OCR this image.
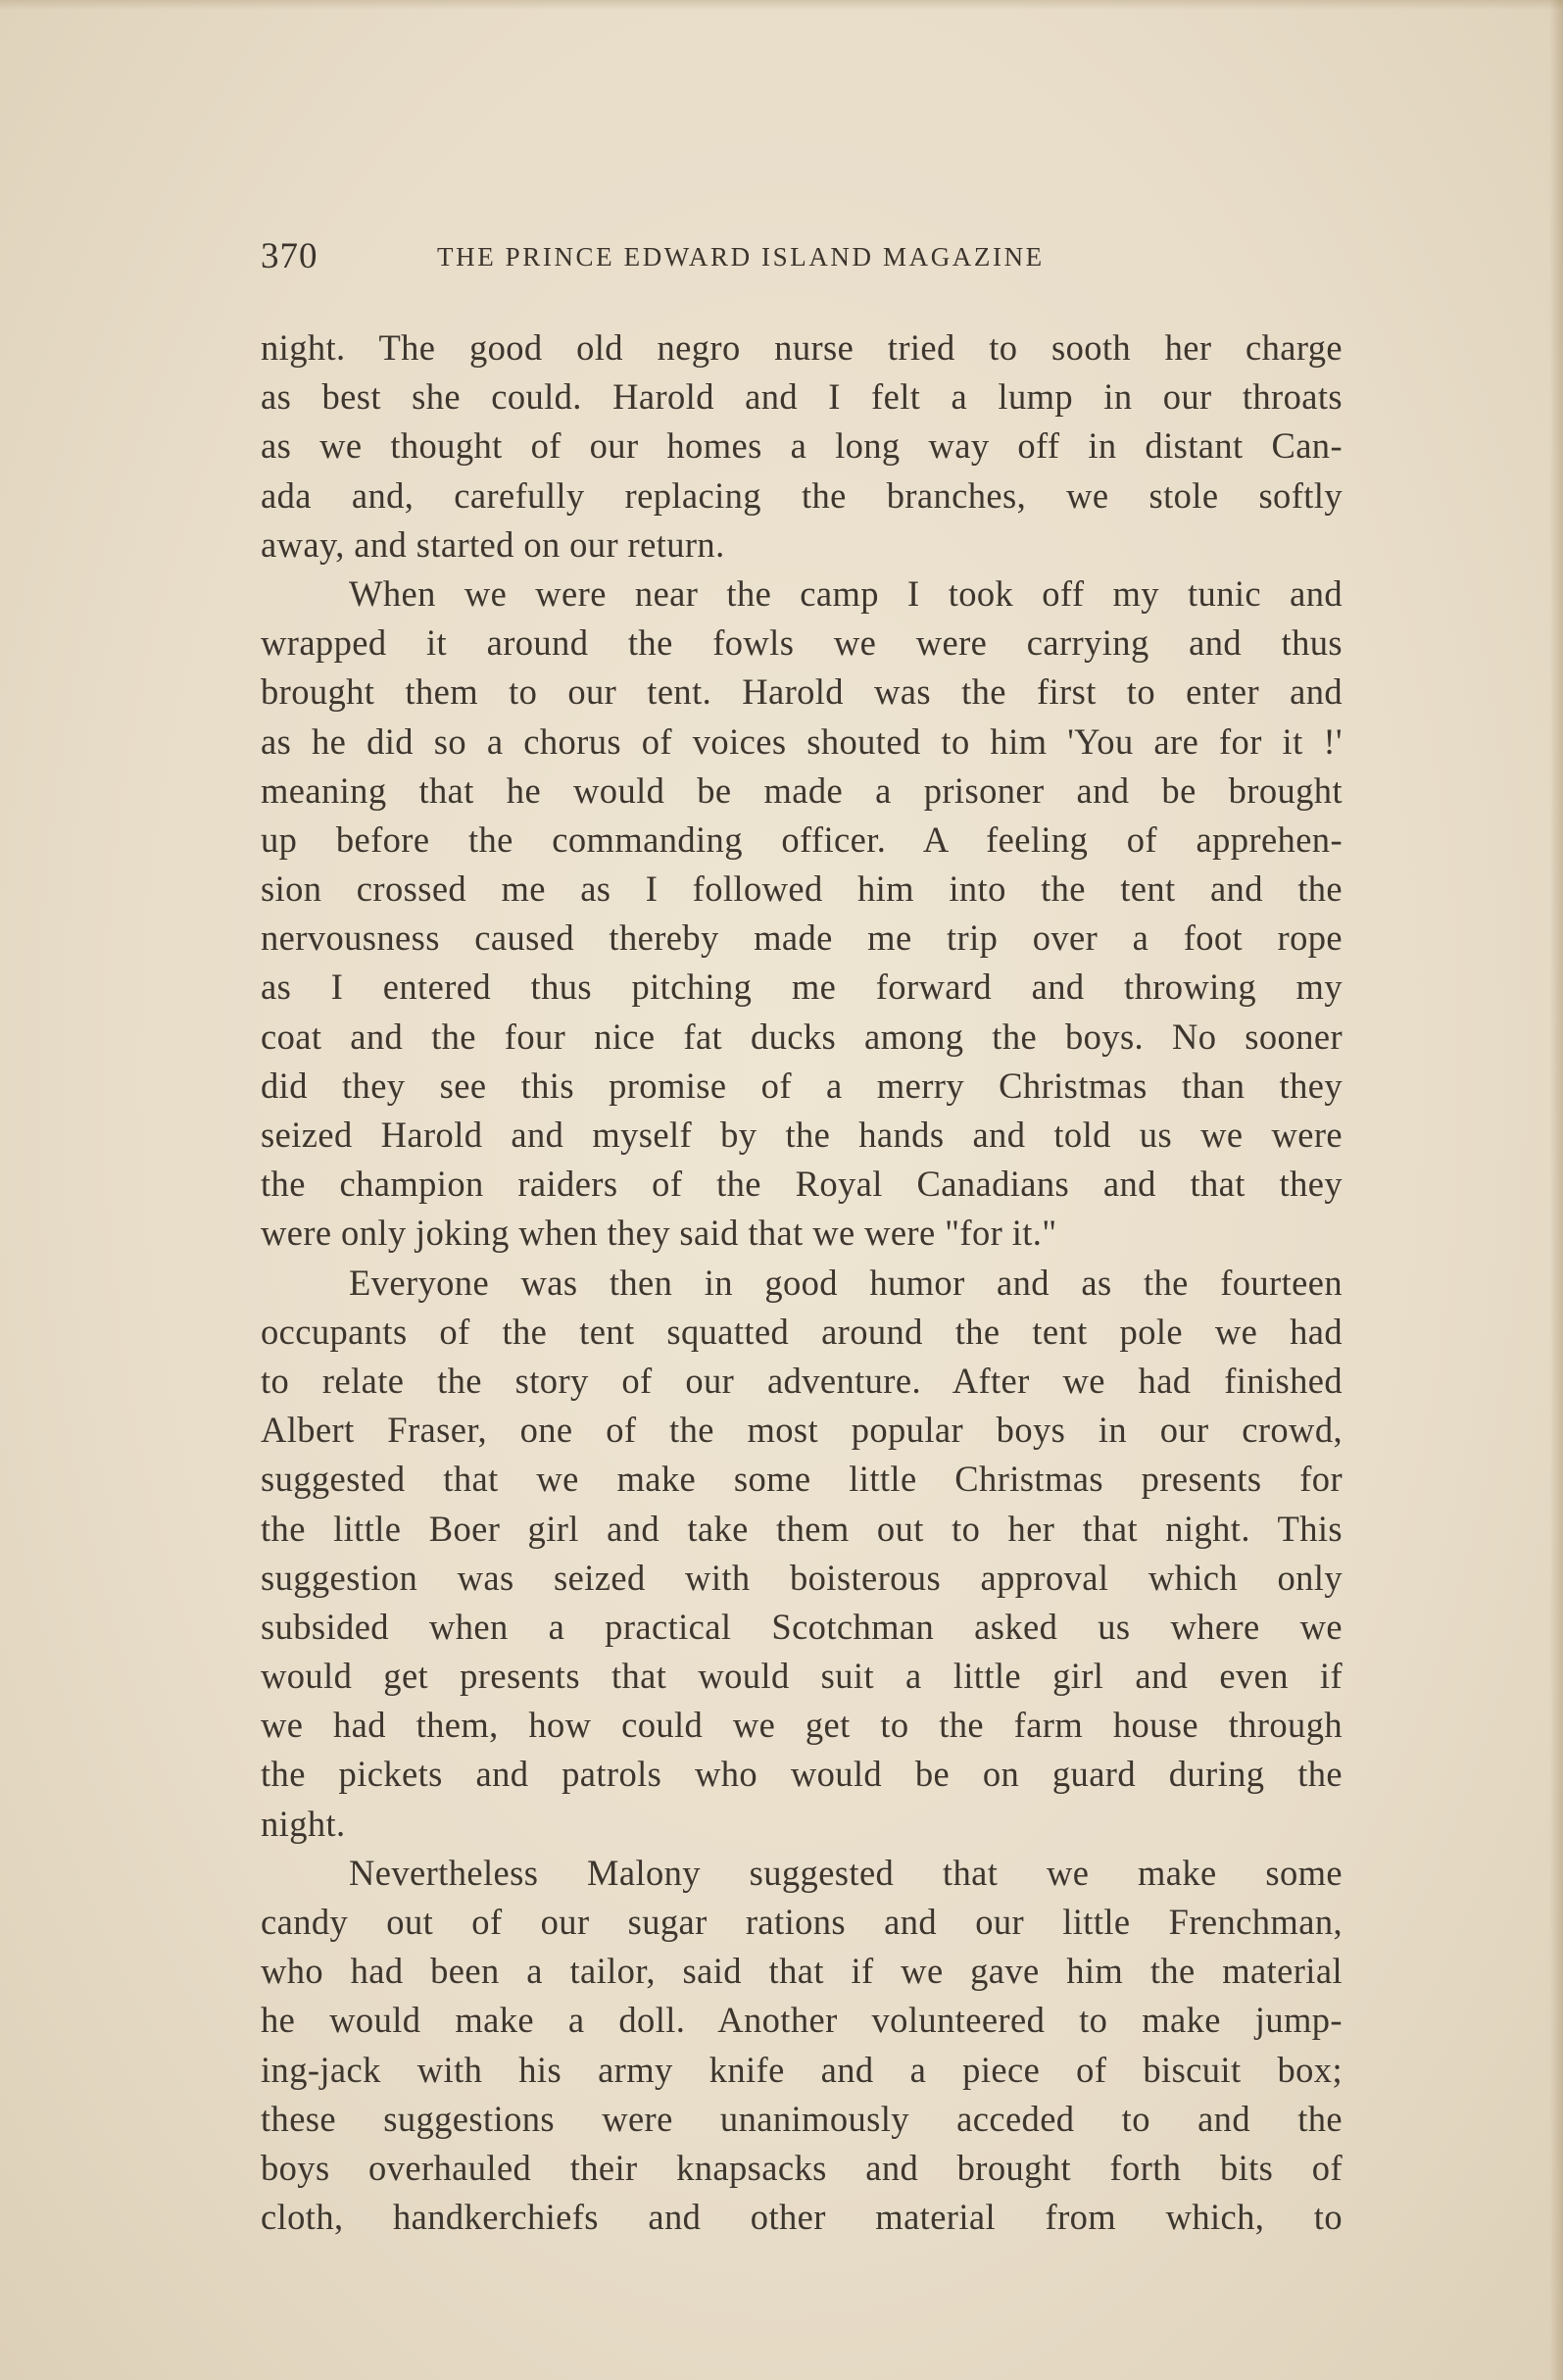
370	THE PRINCE EDWARD ISLAND MAGAZINE
night. The good old negro nurse tried to sooth her charge
as best she could. Harold and I felt a lump in our throats
as we thought of our homes a long way off in distant Can-
ada and, carefully replacing the branches, we stole softly
away, and started on our return.
When we were near the camp I took off my tunic and
wrapped it around the fowls we were carrying and thus
brought them to our tent. Harold was the first to enter and
as he did so a chorus of voices shouted to him 'You are for it !'
meaning that he would be made a prisoner and be brought
up before the commanding officer. A feeling of apprehen-
sion crossed me as I followed him into the tent and the
nervousness caused thereby made me trip over a foot rope
as I entered thus pitching me forward and throwing my
coat and the four nice fat ducks among the boys. No sooner
did they see this promise of a merry Christmas than they
seized Harold and myself by the hands and told us we were
the champion raiders of the Royal Canadians and that they
were only joking when they said that we were "for it."
Everyone was then in good humor and as the fourteen
occupants of the tent squatted around the tent pole we had
to relate the story of our adventure. After we had finished
Albert Fraser, one of the most popular boys in our crowd,
suggested that we make some little Christmas presents for
the little Boer girl and take them out to her that night. This
suggestion was seized with boisterous approval which only
subsided when a practical Scotchman asked us where we
would get presents that would suit a little girl and even if
we had them, how could we get to the farm house through
the pickets and patrols who would be on guard during the
night.
Nevertheless Malony suggested that we make some
candy out of our sugar rations and our little Frenchman,
who had been a tailor, said that if we gave him the material
he would make a doll. Another volunteered to make jump-
ing-jack with his army knife and a piece of biscuit box;
these suggestions were unanimously acceded to and the
boys overhauled their knapsacks and brought forth bits of
cloth, handkerchiefs and other material from which, to
